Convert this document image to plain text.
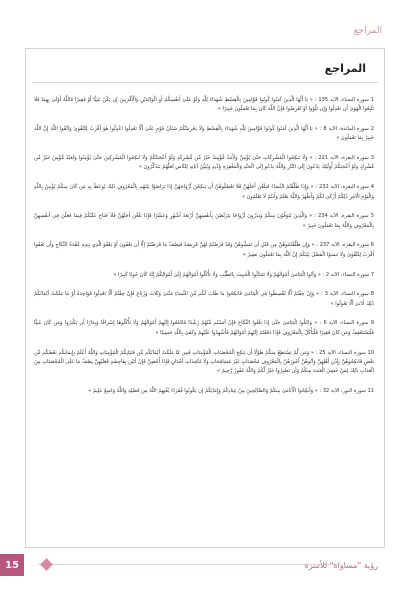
المراجع
المراجع

1 سورة النساء، الآية 135 : « يَا أَيُّهَا الَّذِينَ آمَنُوا كُونُوا قَوَّامِينَ بِالْقِسْطِ شُهَدَاءَ لِلَّهِ وَلَوْ عَلَىٰ أَنفُسِكُمْ أَوِ الْوَالِدَيْنِ وَالْأَقْرَبِينَ إِن يَكُنْ غَنِيًّا أَوْ فَقِيرًا فَاللَّهُ أَوْلَىٰ بِهِمَا فَلَا تَتَّبِعُوا الْهَوَىٰ أَن تَعْدِلُوا وَإِن تَلْوُوا أَوْ تُعْرِضُوا فَإِنَّ اللَّهَ كَانَ بِمَا تَعْمَلُونَ خَبِيرًا »

2 سورة المائدة، الآية 8 : « يَا أَيُّهَا الَّذِينَ آمَنُوا كُونُوا قَوَّامِينَ لِلَّهِ شُهَدَاءَ بِالْقِسْطِ وَلَا يَجْرِمَنَّكُمْ شَنَآنُ قَوْمٍ عَلَىٰ أَلَّا تَعْدِلُوا اعْدِلُوا هُوَ أَقْرَبُ لِلتَّقْوَىٰ وَاتَّقُوا اللَّهَ إِنَّ اللَّهَ خَبِيرٌ بِمَا تَعْمَلُونَ »

3 سورة البقرة، الآية 221 : « وَلَا تَنكِحُوا الْمُشْرِكَاتِ حَتَّىٰ يُؤْمِنَّ وَلَأَمَةٌ مُّؤْمِنَةٌ خَيْرٌ مِّن مُّشْرِكَةٍ وَلَوْ أَعْجَبَتْكُمْ وَلَا تُنكِحُوا الْمُشْرِكِينَ حَتَّىٰ يُؤْمِنُوا وَلَعَبْدٌ مُّؤْمِنٌ خَيْرٌ مِّن مُّشْرِكٍ وَلَوْ أَعْجَبَكُمْ أُولَٰئِكَ يَدْعُونَ إِلَى النَّارِ وَاللَّهُ يَدْعُو إِلَى الْجَنَّةِ وَالْمَغْفِرَةِ بِإِذْنِهِ وَيُبَيِّنُ آيَاتِهِ لِلنَّاسِ لَعَلَّهُمْ يَتَذَكَّرُونَ »

4 سورة البقرة، الآية 232 : « وَإِذَا طَلَّقْتُمُ النِّسَاءَ فَبَلَغْنَ أَجَلَهُنَّ فَلَا تَعْضُلُوهُنَّ أَن يَنكِحْنَ أَزْوَاجَهُنَّ إِذَا تَرَاضَوْا بَيْنَهُم بِالْمَعْرُوفِ ذَٰلِكَ يُوعَظُ بِهِ مَن كَانَ مِنكُمْ يُؤْمِنُ بِاللَّهِ وَالْيَوْمِ الْآخِرِ ذَٰلِكُمْ أَزْكَىٰ لَكُمْ وَأَطْهَرُ وَاللَّهُ يَعْلَمُ وَأَنتُمْ لَا تَعْلَمُونَ »

5 سورة البقرة، الآية 234 : « وَالَّذِينَ يُتَوَفَّوْنَ مِنكُمْ وَيَذَرُونَ أَزْوَاجًا يَتَرَبَّصْنَ بِأَنفُسِهِنَّ أَرْبَعَةَ أَشْهُرٍ وَعَشْرًا فَإِذَا بَلَغْنَ أَجَلَهُنَّ فَلَا جُنَاحَ عَلَيْكُمْ فِيمَا فَعَلْنَ فِي أَنفُسِهِنَّ بِالْمَعْرُوفِ وَاللَّهُ بِمَا تَعْمَلُونَ خَبِيرٌ »

6 سورة البقرة، الآية 237 : « وَإِن طَلَّقْتُمُوهُنَّ مِن قَبْلِ أَن تَمَسُّوهُنَّ وَقَدْ فَرَضْتُمْ لَهُنَّ فَرِيضَةً فَنِصْفُ مَا فَرَضْتُمْ إِلَّا أَن يَعْفُونَ أَوْ يَعْفُوَ الَّذِي بِيَدِهِ عُقْدَةُ النِّكَاحِ وَأَن تَعْفُوا أَقْرَبُ لِلتَّقْوَىٰ وَلَا تَنسَوُا الْفَضْلَ بَيْنَكُمْ إِنَّ اللَّهَ بِمَا تَعْمَلُونَ بَصِيرٌ »

7 سورة النساء، الآية 2 : « وَآتُوا الْيَتَامَىٰ أَمْوَالَهُمْ وَلَا تَتَبَدَّلُوا الْخَبِيثَ بِالطَّيِّبِ وَلَا تَأْكُلُوا أَمْوَالَهُمْ إِلَىٰ أَمْوَالِكُمْ إِنَّهُ كَانَ حُوبًا كَبِيرًا »

8 سورة النساء، الآية 3 : « وَإِنْ خِفْتُمْ أَلَّا تُقْسِطُوا فِي الْيَتَامَىٰ فَانكِحُوا مَا طَابَ لَكُم مِّنَ النِّسَاءِ مَثْنَىٰ وَثُلَاثَ وَرُبَاعَ فَإِنْ خِفْتُمْ أَلَّا تَعْدِلُوا فَوَاحِدَةً أَوْ مَا مَلَكَتْ أَيْمَانُكُمْ ذَٰلِكَ أَدْنَىٰ أَلَّا تَعُولُوا »

9 سورة النساء، الآية 6 : « وَابْتَلُوا الْيَتَامَىٰ حَتَّىٰ إِذَا بَلَغُوا النِّكَاحَ فَإِنْ آنَسْتُم مِّنْهُمْ رُشْدًا فَادْفَعُوا إِلَيْهِمْ أَمْوَالَهُمْ وَلَا تَأْكُلُوهَا إِسْرَافًا وَبِدَارًا أَن يَكْبَرُوا وَمَن كَانَ غَنِيًّا فَلْيَسْتَعْفِفْ وَمَن كَانَ فَقِيرًا فَلْيَأْكُلْ بِالْمَعْرُوفِ فَإِذَا دَفَعْتُمْ إِلَيْهِمْ أَمْوَالَهُمْ فَأَشْهِدُوا عَلَيْهِمْ وَكَفَىٰ بِاللَّهِ حَسِيبًا »

10 سورة النساء، الآية 25 : « وَمَن لَّمْ يَسْتَطِعْ مِنكُمْ طَوْلًا أَن يَنكِحَ الْمُحْصَنَاتِ الْمُؤْمِنَاتِ فَمِن مَّا مَلَكَتْ أَيْمَانُكُم مِّن فَتَيَاتِكُمُ الْمُؤْمِنَاتِ وَاللَّهُ أَعْلَمُ بِإِيمَانِكُم بَعْضُكُم مِّن بَعْضٍ فَانكِحُوهُنَّ بِإِذْنِ أَهْلِهِنَّ وَآتُوهُنَّ أُجُورَهُنَّ بِالْمَعْرُوفِ مُحْصَنَاتٍ غَيْرَ مُسَافِحَاتٍ وَلَا مُتَّخِذَاتِ أَخْدَانٍ فَإِذَا أُحْصِنَّ فَإِنْ أَتَيْنَ بِفَاحِشَةٍ فَعَلَيْهِنَّ نِصْفُ مَا عَلَى الْمُحْصَنَاتِ مِنَ الْعَذَابِ ذَٰلِكَ لِمَنْ خَشِيَ الْعَنَتَ مِنكُمْ وَأَن تَصْبِرُوا خَيْرٌ لَّكُمْ وَاللَّهُ غَفُورٌ رَّحِيمٌ »

11 سورة النور، الآية 32 : « وَأَنكِحُوا الْأَيَامَىٰ مِنكُمْ وَالصَّالِحِينَ مِنْ عِبَادِكُمْ وَإِمَائِكُمْ إِن يَكُونُوا فُقَرَاءَ يُغْنِهِمُ اللَّهُ مِن فَضْلِهِ وَاللَّهُ وَاسِعٌ عَلِيمٌ »

15	رؤية "مساواة" للأسرة
